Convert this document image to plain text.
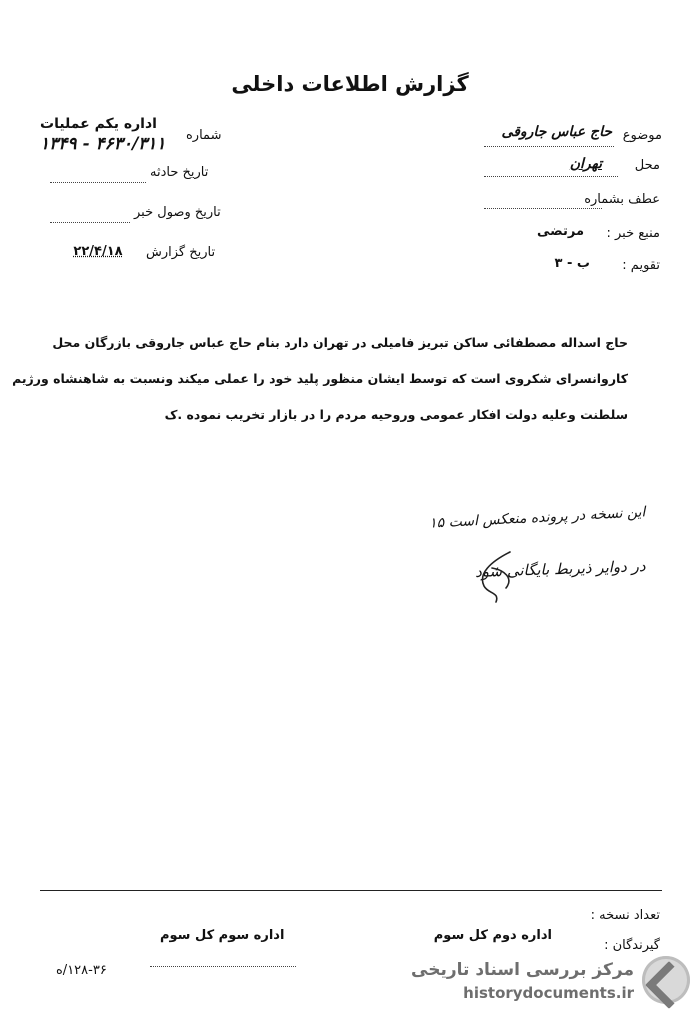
گزارش اطلاعات داخلی
اداره یکم عملیات
شماره
۴۶۳۰/۳۱۱ - ۱۳۴۹
تاریخ حادثه
تاریخ وصول خبر
تاریخ گزارش
۲۲/۴/۱۸
موضوع
حاج عباس جاروقی
محل
تهران
عطف بشماره
منبع خبر :
مرتضی
تقویم :
ب - ۳
حاج اسداله مصطفائی ساکن تبریز فامیلی در تهران دارد بنام حاج عباس جاروقی بازرگان محل
کاروانسرای شکروی است که توسط ایشان منظور پلید خود را عملی میکند ونسبت به شاهنشاه ورژیم
سلطنت وعلیه دولت افکار عمومی وروحیه مردم را در بازار تخریب نموده .ک
این نسخه در پرونده منعکس است ۱۵
در دوایر ذیربط بایگانی شود
تعداد نسخه :
گیرندگان :
اداره دوم کل سوم
اداره سوم کل سوم
۱۲۸-۳۶/ه	مرکز بررسی اسناد تاریخی
historydocuments.ir
